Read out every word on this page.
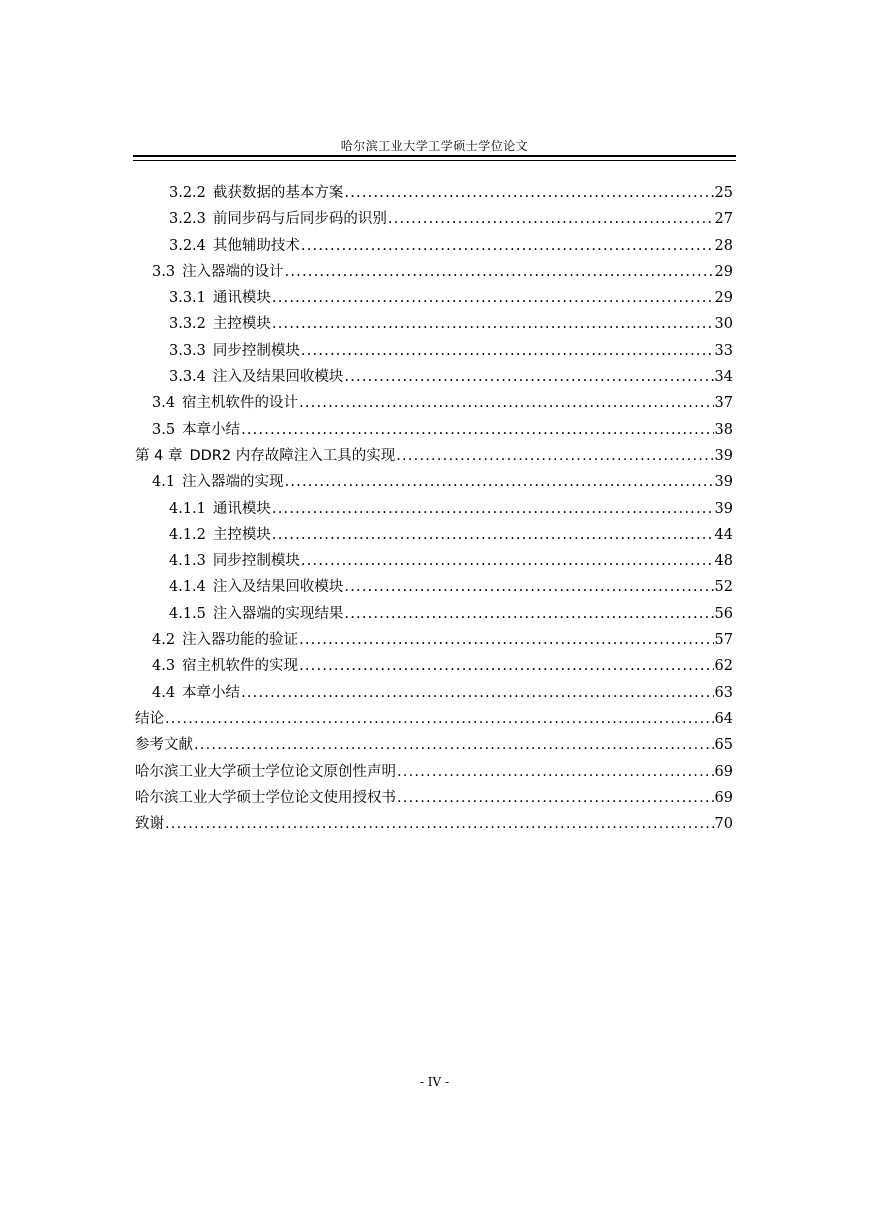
哈尔滨工业大学工学硕士学位论文
3.2.2 截获数据的基本方案 .....	25
3.2.3 前同步码与后同步码的识别 .....	27
3.2.4 其他辅助技术 .....	28
3.3 注入器端的设计 .....	29
3.3.1 通讯模块 .....	29
3.3.2 主控模块 .....	30
3.3.3 同步控制模块 .....	33
3.3.4 注入及结果回收模块 .....	34
3.4 宿主机软件的设计 .....	37
3.5 本章小结 .....	38
第 4 章 DDR2 内存故障注入工具的实现 .....	39
4.1 注入器端的实现 .....	39
4.1.1 通讯模块 .....	39
4.1.2 主控模块 .....	44
4.1.3 同步控制模块 .....	48
4.1.4 注入及结果回收模块 .....	52
4.1.5 注入器端的实现结果 .....	56
4.2 注入器功能的验证 .....	57
4.3 宿主机软件的实现 .....	62
4.4 本章小结 .....	63
结论 .....	64
参考文献 .....	65
哈尔滨工业大学硕士学位论文原创性声明 .....	69
哈尔滨工业大学硕士学位论文使用授权书 .....	69
致谢 .....	70
- IV -
